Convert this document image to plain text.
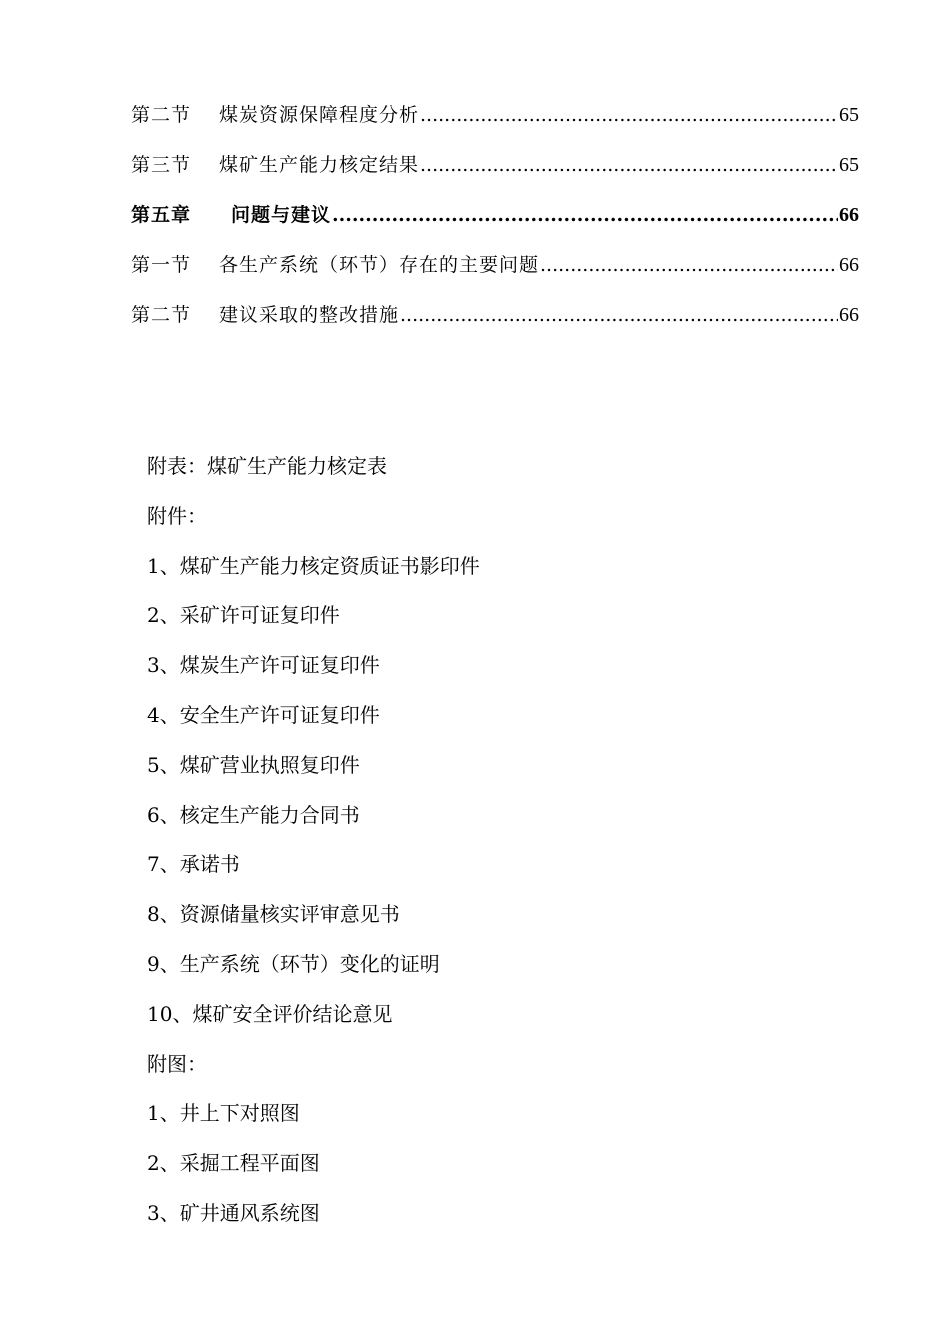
第二节	煤炭资源保障程度分析 .....	65
第三节	煤矿生产能力核定结果 .....	65
第五章	问题与建议 .....	66
第一节	各生产系统（环节）存在的主要问题 .....	66
第二节	建议采取的整改措施 .....	66
附表：煤矿生产能力核定表
附件：
1、煤矿生产能力核定资质证书影印件
2、采矿许可证复印件
3、煤炭生产许可证复印件
4、安全生产许可证复印件
5、煤矿营业执照复印件
6、核定生产能力合同书
7、承诺书
8、资源储量核实评审意见书
9、生产系统（环节）变化的证明
10、煤矿安全评价结论意见
附图：
1、井上下对照图
2、采掘工程平面图
3、矿井通风系统图
